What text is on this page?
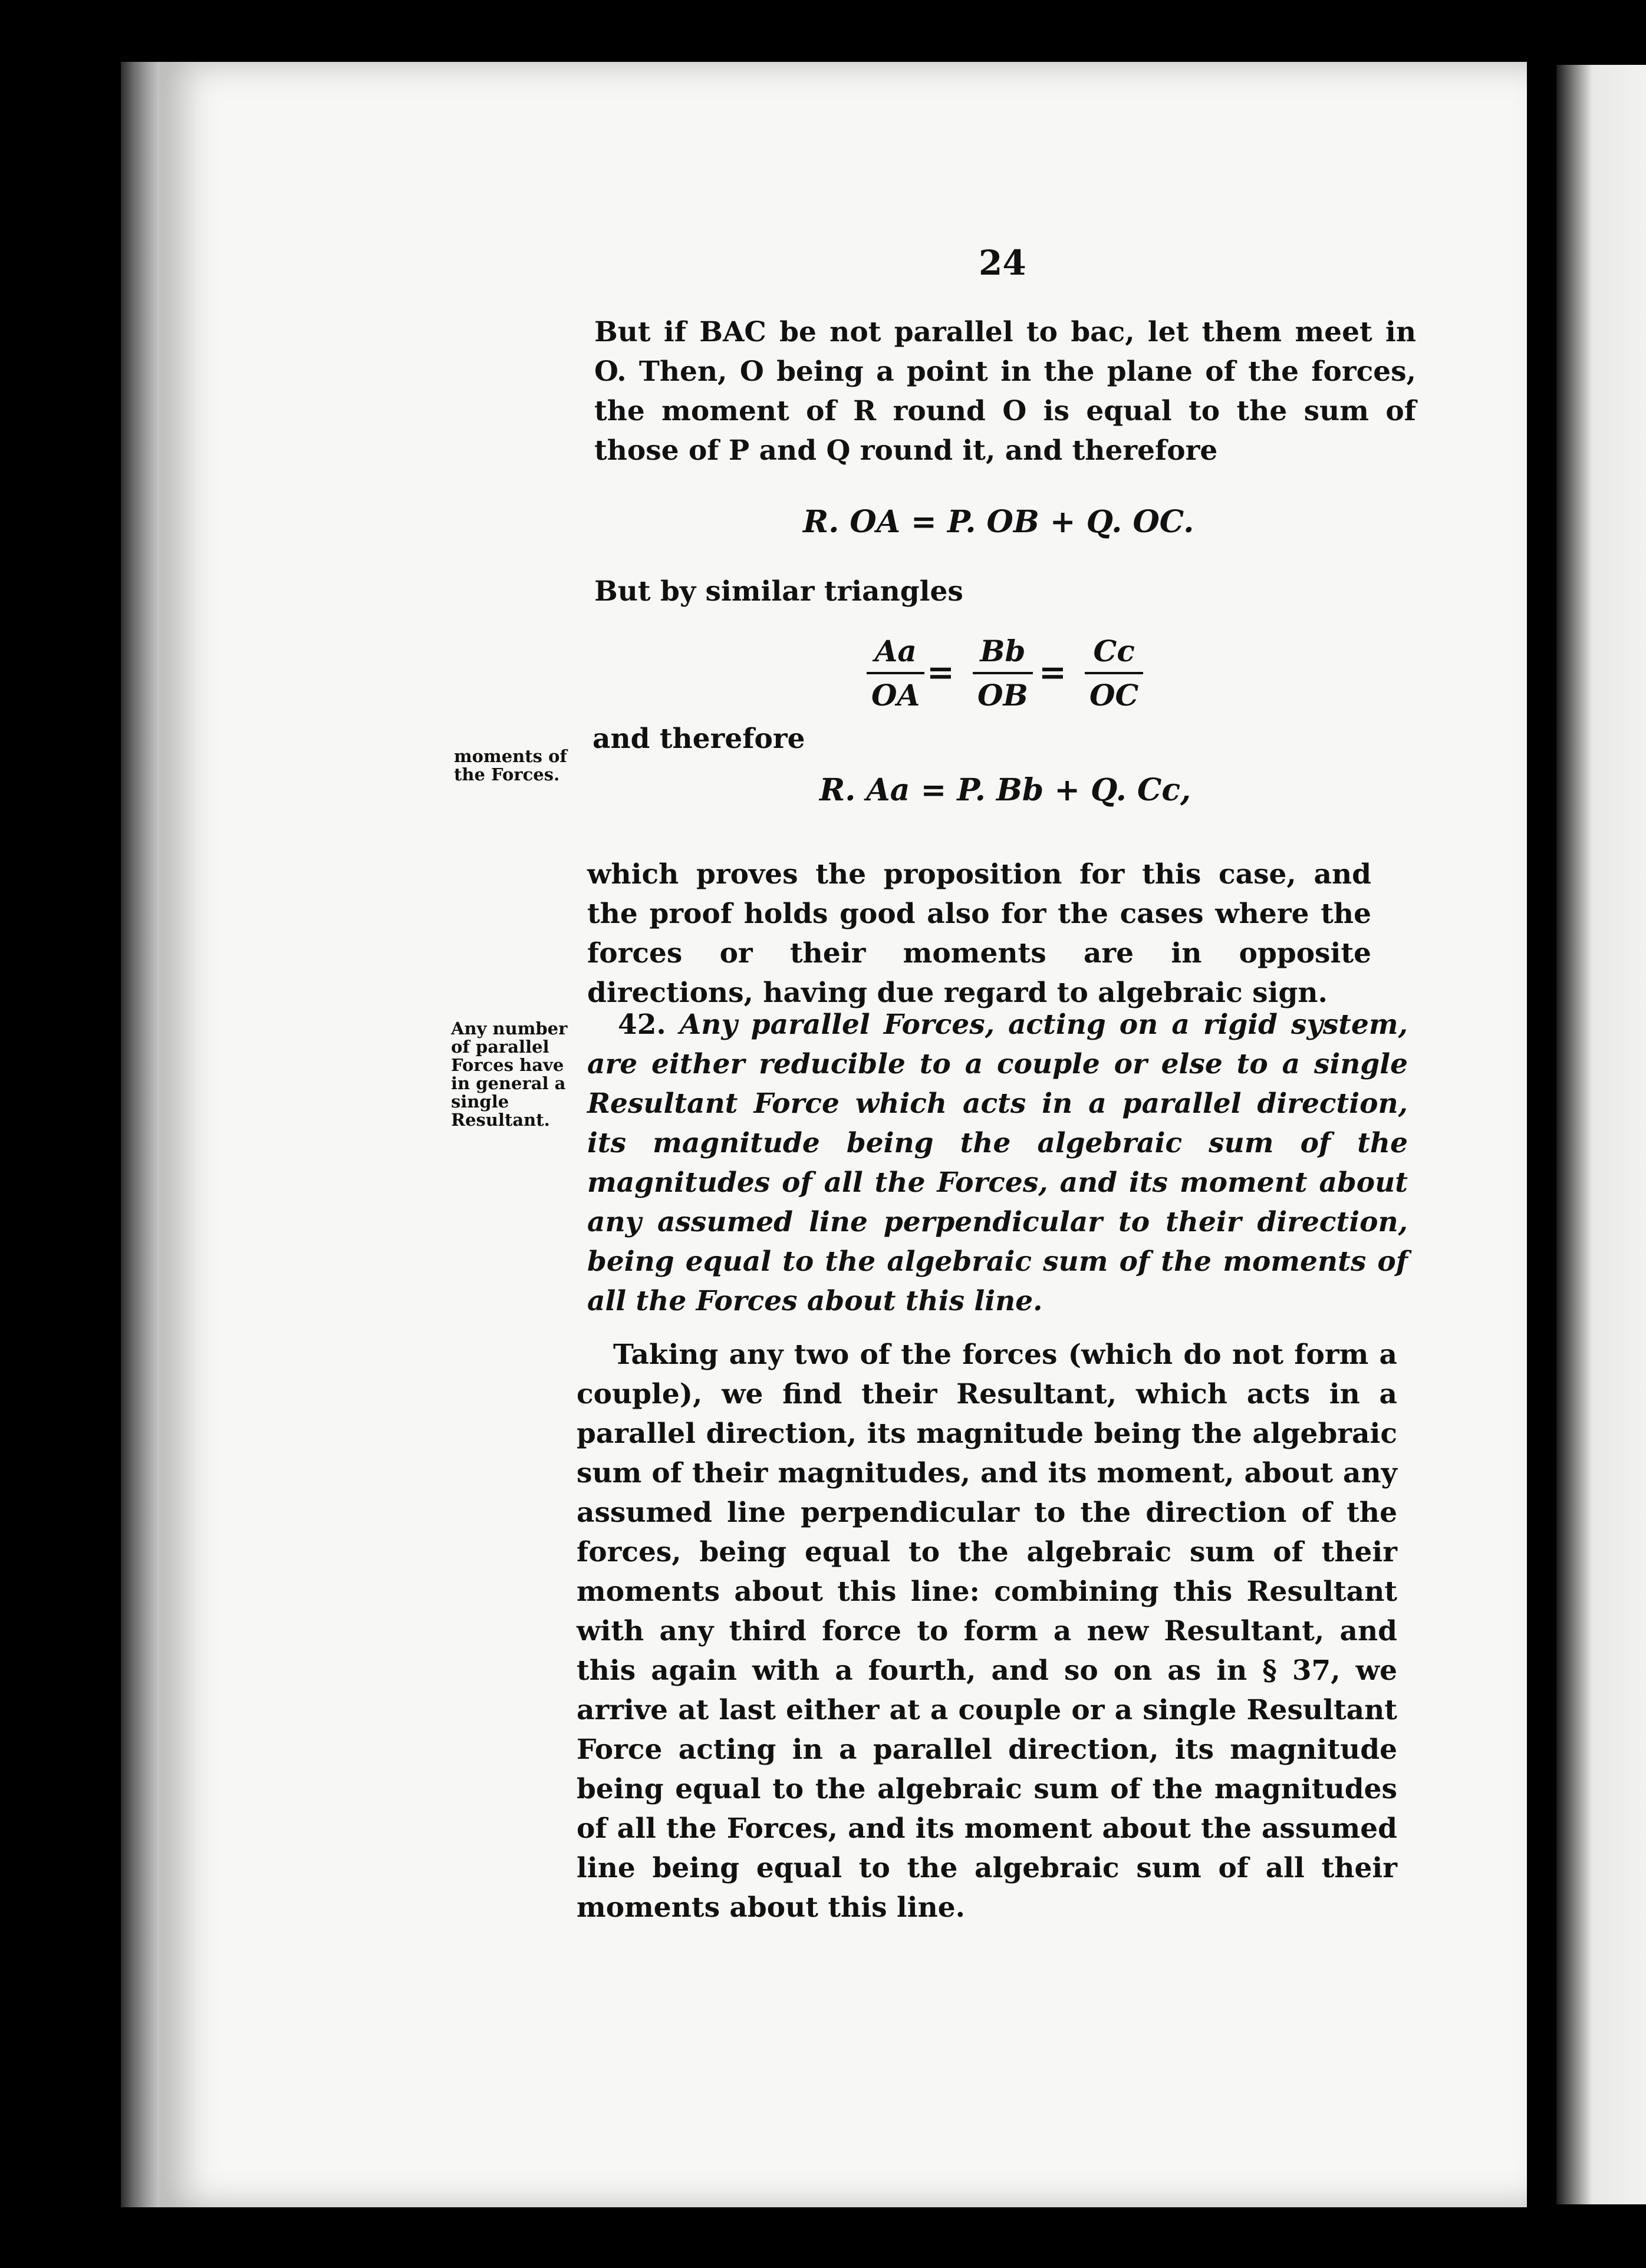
24
But if BAC be not parallel to bac, let them meet in O. Then, O being a point in the plane of the forces, the moment of R round O is equal to the sum of those of P and Q round it, and therefore
R. OA = P. OB + Q. OC.
But by similar triangles
$\frac{Aa}{OA} = \frac{Bb}{OB} = \frac{Cc}{OC}$
and therefore
moments of the Forces.	R. Aa = P. Bb + Q. Cc,
which proves the proposition for this case, and the proof holds good also for the cases where the forces or their moments are in opposite directions, having due regard to algebraic sign.
Any number of parallel Forces have in general a single Resultant.
42. Any parallel Forces, acting on a rigid system, are either reducible to a couple or else to a single Resultant Force which acts in a parallel direction, its magnitude being the algebraic sum of the magnitudes of all the Forces, and its moment about any assumed line perpendicular to their direction, being equal to the algebraic sum of the moments of all the Forces about this line.
Taking any two of the forces (which do not form a couple), we find their Resultant, which acts in a parallel direction, its magnitude being the algebraic sum of their magnitudes, and its moment, about any assumed line perpendicular to the direction of the forces, being equal to the algebraic sum of their moments about this line: combining this Resultant with any third force to form a new Resultant, and this again with a fourth, and so on as in § 37, we arrive at last either at a couple or a single Resultant Force acting in a parallel direction, its magnitude being equal to the algebraic sum of the magnitudes of all the Forces, and its moment about the assumed line being equal to the algebraic sum of all their moments about this line.
